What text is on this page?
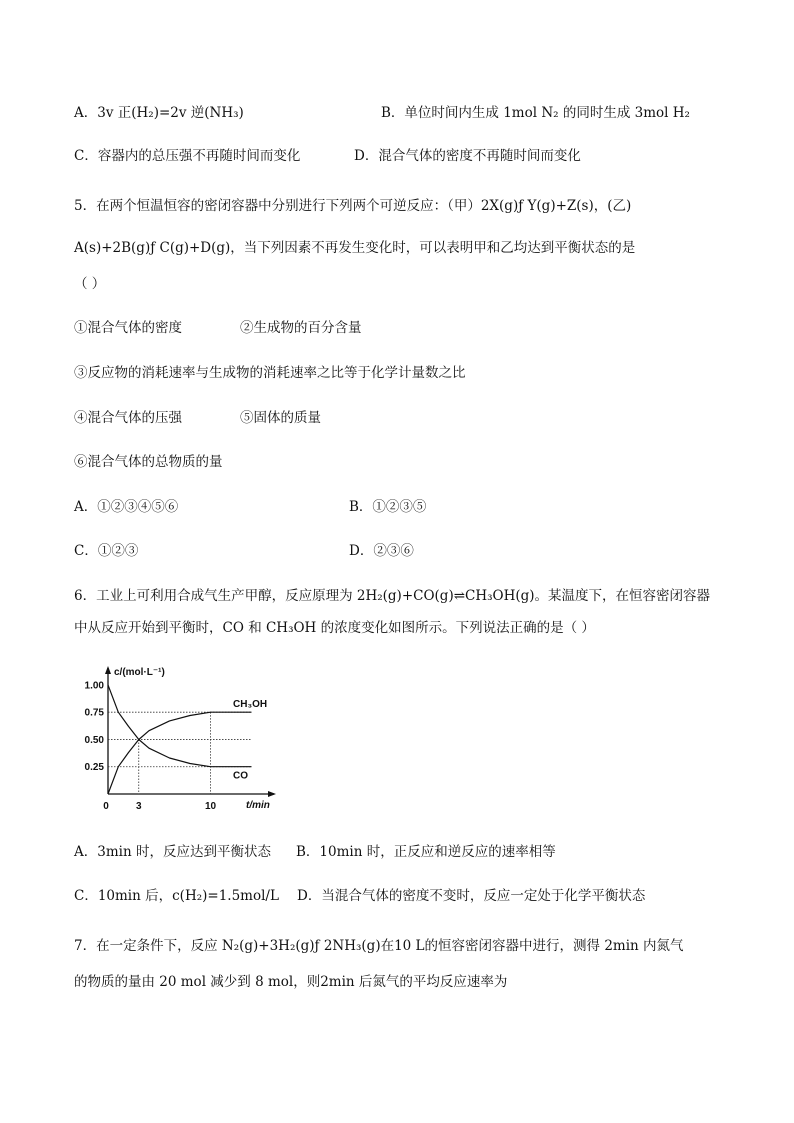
A．3v 正(H₂)=2v 逆(NH₃)	B．单位时间内生成 1mol N₂ 的同时生成 3mol H₂
C．容器内的总压强不再随时间而变化	D．混合气体的密度不再随时间而变化
5．在两个恒温恒容的密闭容器中分别进行下列两个可逆反应：（甲）2X(g)ƒ Y(g)+Z(s)，(乙)
A(s)+2B(g)ƒ C(g)+D(g)，当下列因素不再发生变化时，可以表明甲和乙均达到平衡状态的是
（ ）
①混合气体的密度	②生成物的百分含量
③反应物的消耗速率与生成物的消耗速率之比等于化学计量数之比
④混合气体的压强	⑤固体的质量
⑥混合气体的总物质的量
A．①②③④⑤⑥	B．①②③⑤
C．①②③	D．②③⑥
6．工业上可利用合成气生产甲醇，反应原理为 2H₂(g)+CO(g)⇌CH₃OH(g)。某温度下，在恒容密闭容器
中从反应开始到平衡时，CO 和 CH₃OH 的浓度变化如图所示。下列说法正确的是（ ）
c/(mol·L⁻¹)
t/min
1.00
0.75
0.50
0.25
0	3	10
CH₃OH
CO
A．3min 时，反应达到平衡状态 B．10min 时，正反应和逆反应的速率相等
C．10min 后，c(H₂)=1.5mol/L D．当混合气体的密度不变时，反应一定处于化学平衡状态
7．在一定条件下，反应 N₂(g)+3H₂(g)ƒ 2NH₃(g)在10 L的恒容密闭容器中进行，测得 2min 内氮气
的物质的量由 20 mol 减少到 8 mol，则2min 后氮气的平均反应速率为
